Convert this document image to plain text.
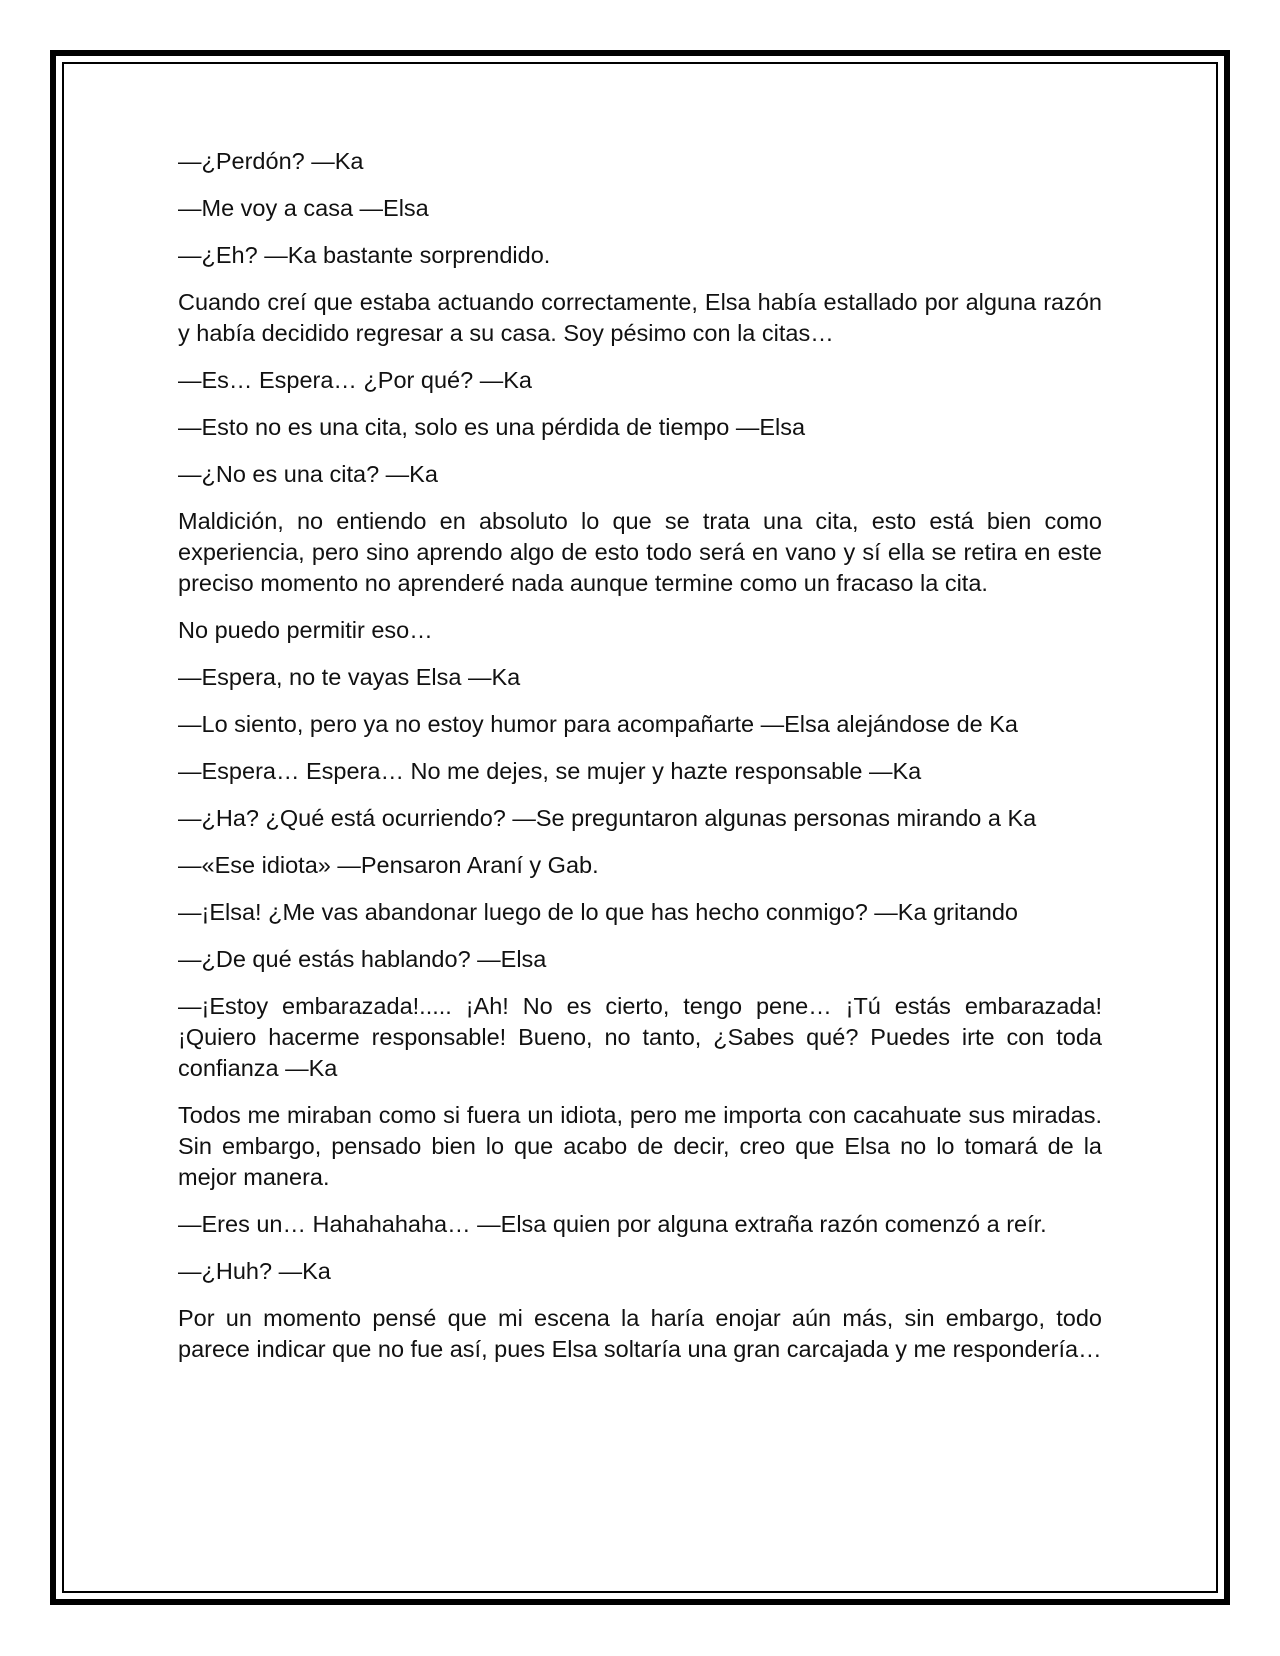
—¿Perdón? —Ka

—Me voy a casa —Elsa

—¿Eh? —Ka bastante sorprendido.

Cuando creí que estaba actuando correctamente, Elsa había estallado por alguna razón y había decidido regresar a su casa. Soy pésimo con la citas…

—Es… Espera… ¿Por qué? —Ka

—Esto no es una cita, solo es una pérdida de tiempo —Elsa

—¿No es una cita? —Ka

Maldición, no entiendo en absoluto lo que se trata una cita, esto está bien como experiencia, pero sino aprendo algo de esto todo será en vano y sí ella se retira en este preciso momento no aprenderé nada aunque termine como un fracaso la cita.

No puedo permitir eso…

—Espera, no te vayas Elsa —Ka

—Lo siento, pero ya no estoy humor para acompañarte —Elsa alejándose de Ka

—Espera… Espera… No me dejes, se mujer y hazte responsable —Ka

—¿Ha? ¿Qué está ocurriendo? —Se preguntaron algunas personas mirando a Ka

—«Ese idiota» —Pensaron Araní y Gab.

—¡Elsa! ¿Me vas abandonar luego de lo que has hecho conmigo? —Ka gritando

—¿De qué estás hablando? —Elsa

—¡Estoy embarazada!..... ¡Ah! No es cierto, tengo pene… ¡Tú estás embarazada! ¡Quiero hacerme responsable! Bueno, no tanto, ¿Sabes qué? Puedes irte con toda confianza —Ka

Todos me miraban como si fuera un idiota, pero me importa con cacahuate sus miradas. Sin embargo, pensado bien lo que acabo de decir, creo que Elsa no lo tomará de la mejor manera.

—Eres un… Hahahahaha… —Elsa quien por alguna extraña razón comenzó a reír.

—¿Huh? —Ka

Por un momento pensé que mi escena la haría enojar aún más, sin embargo, todo parece indicar que no fue así, pues Elsa soltaría una gran carcajada y me respondería…
